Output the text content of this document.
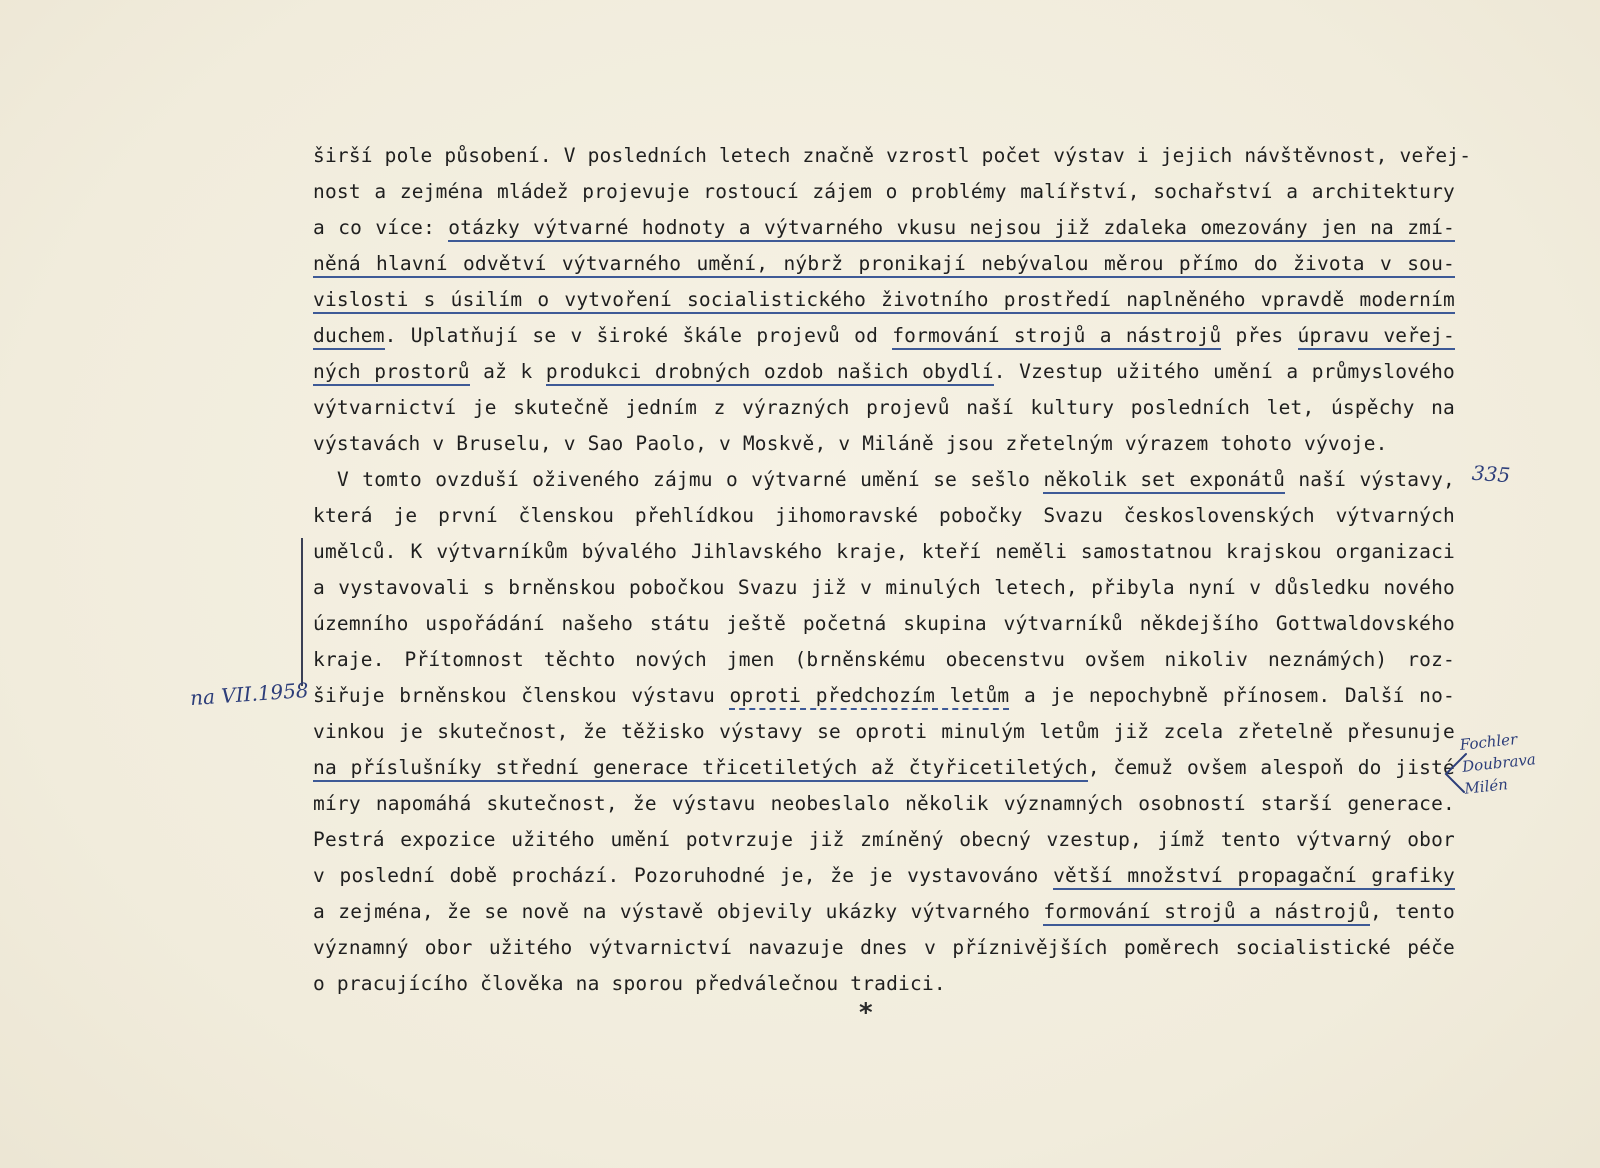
širší pole působení. V posledních letech značně vzrostl počet výstav i jejich návštěvnost, veřej-
nost a zejména mládež projevuje rostoucí zájem o problémy malířství, sochařství a architektury
a co více: otázky výtvarné hodnoty a výtvarného vkusu nejsou již zdaleka omezovány jen na zmí-
něná hlavní odvětví výtvarného umění, nýbrž pronikají nebývalou měrou přímo do života v sou-
vislosti s úsilím o vytvoření socialistického životního prostředí naplněného vpravdě moderním
duchem. Uplatňují se v široké škále projevů od formování strojů a nástrojů přes úpravu veřej-
ných prostorů až k produkci drobných ozdob našich obydlí. Vzestup užitého umění a průmyslového
výtvarnictví je skutečně jedním z výrazných projevů naší kultury posledních let, úspěchy na
výstavách v Bruselu, v Sao Paolo, v Moskvě, v Miláně jsou zřetelným výrazem tohoto vývoje.
V tomto ovzduší oživeného zájmu o výtvarné umění se sešlo několik set exponátů naší výstavy,
která je první členskou přehlídkou jihomoravské pobočky Svazu československých výtvarných
umělců. K výtvarníkům bývalého Jihlavského kraje, kteří neměli samostatnou krajskou organizaci
a vystavovali s brněnskou pobočkou Svazu již v minulých letech, přibyla nyní v důsledku nového
územního uspořádání našeho státu ještě početná skupina výtvarníků někdejšího Gottwaldovského
kraje. Přítomnost těchto nových jmen (brněnskému obecenstvu ovšem nikoliv neznámých) roz-
šiřuje brněnskou členskou výstavu oproti předchozím letům a je nepochybně přínosem. Další no-
vinkou je skutečnost, že těžisko výstavy se oproti minulým letům již zcela zřetelně přesunuje
na příslušníky střední generace třicetiletých až čtyřicetiletých, čemuž ovšem alespoň do jisté
míry napomáhá skutečnost, že výstavu neobeslalo několik významných osobností starší generace.
Pestrá expozice užitého umění potvrzuje již zmíněný obecný vzestup, jímž tento výtvarný obor
v poslední době prochází. Pozoruhodné je, že je vystavováno větší množství propagační grafiky
a zejména, že se nově na výstavě objevily ukázky výtvarného formování strojů a nástrojů, tento
významný obor užitého výtvarnictví navazuje dnes v příznivějších poměrech socialistické péče
o pracujícího člověka na sporou předválečnou tradici.
*
na VII.1958
335
Fochler
Doubrava
Milén
